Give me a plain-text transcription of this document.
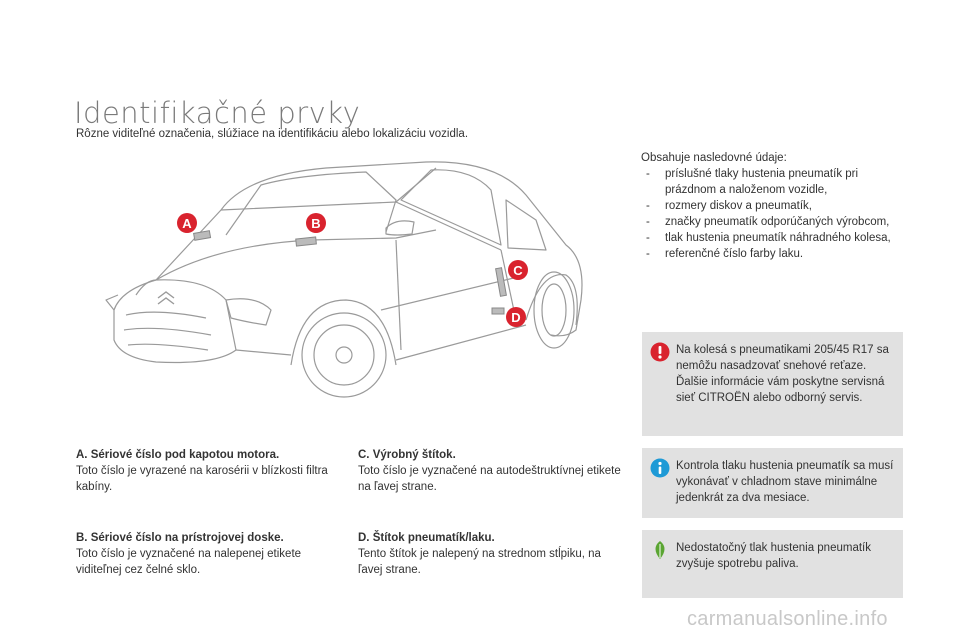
Identifikačné prvky
Rôzne viditeľné označenia, slúžiace na identifikáciu alebo lokalizáciu vozidla.
A	B
C
D
A. Sériové číslo pod kapotou motora.
Toto číslo je vyrazené na karosérii v blízkosti filtra kabíny.
B. Sériové číslo na prístrojovej doske.
Toto číslo je vyznačené na nalepenej etikete viditeľnej cez čelné sklo.
C. Výrobný štítok.
Toto číslo je vyznačené na autodeštruktívnej etikete na ľavej strane.
D. Štítok pneumatík/laku.
Tento štítok je nalepený na strednom stĺpiku, na ľavej strane.
Obsahuje nasledovné údaje:
- príslušné tlaky hustenia pneumatík pri prázdnom a naloženom vozidle,
- rozmery diskov a pneumatík,
- značky pneumatík odporúčaných výrobcom,
- tlak hustenia pneumatík náhradného kolesa,
- referenčné číslo farby laku.
Na kolesá s pneumatikami 205/45 R17 sa nemôžu nasadzovať snehové reťaze. Ďalšie informácie vám poskytne servisná sieť CITROËN alebo odborný servis.
Kontrola tlaku hustenia pneumatík sa musí vykonávať v chladnom stave minimálne jedenkrát za dva mesiace.
Nedostatočný tlak hustenia pneumatík zvyšuje spotrebu paliva.
carmanualsonline.info
